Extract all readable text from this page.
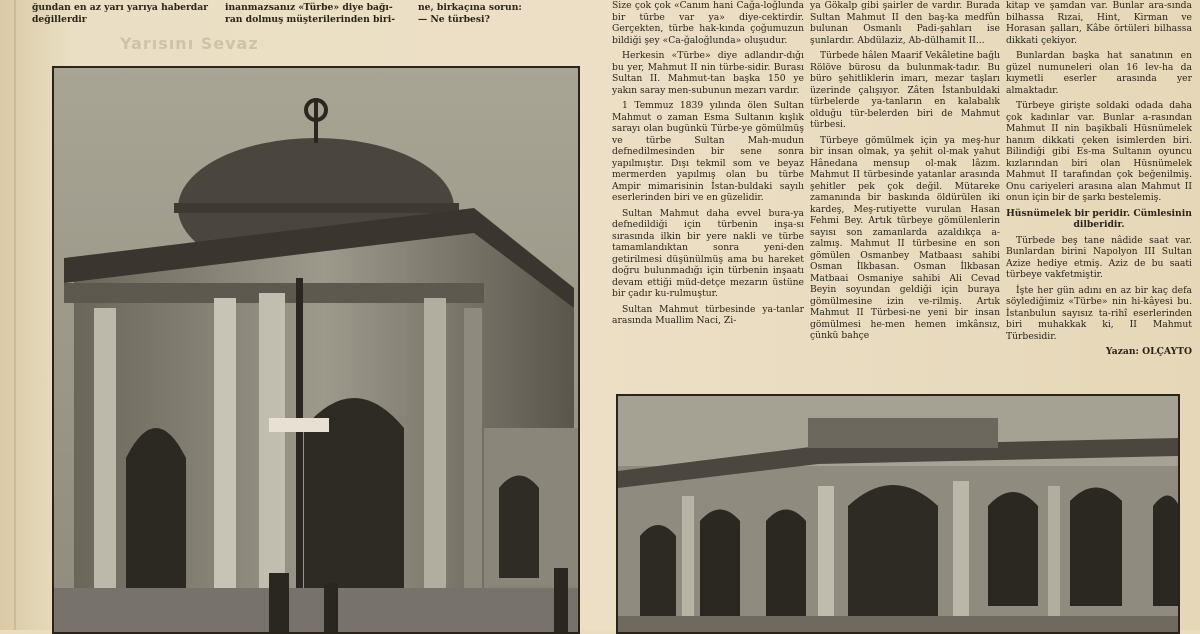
ğundan en az yarı yarıya haberdar
değillerdir
inanmazsanız «Türbe» diye bağı-
ran dolmuş müşterilerinden biri-
ne, birkaçına sorun:
— Ne türbesi?
Yarısını Sevaz

Size çok çok «Canım hani Cağa-loğlunda bir türbe var ya» diye-cektirdir. Gerçekten, türbe hak-kında çoğumuzun bildiği şey «Ca-ğaloğlunda» oluşudur.

Herkesin «Türbe» diye adlandır-dığı bu yer, Mahmut II nin türbe-sidir. Burası Sultan II. Mahmut-tan başka 150 ye yakın saray men-subunun mezarı vardır.

1 Temmuz 1839 yılında ölen Sultan Mahmut o zaman Esma Sultanın kışlık sarayı olan bugünkü Türbe-ye gömülmüş ve türbe Sultan Mah-mudun defnedilmesinden bir sene sonra yapılmıştır. Dışı tekmil som ve beyaz mermerden yapılmış olan bu türbe Ampir mimarisinin İstan-buldaki sayılı eserlerinden biri ve en güzelidir.

Sultan Mahmut daha evvel bura-ya defnedildiği için türbenin inşa-sı sırasında ilkin bir yere nakli ve türbe tamamlandıktan sonra yeni-den getirilmesi düşünülmüş ama bu hareket doğru bulunmadığı için türbenin inşaatı devam ettiği müd-detçe mezarın üstüne bir çadır ku-rulmuştur.

Sultan Mahmut türbesinde ya-tanlar arasında Muallim Naci, Zi-

ya Gökalp gibi şairler de vardır. Burada Sultan Mahmut II den baş-ka medfûn bulunan Osmanlı Padi-şahları ise şunlardır. Abdülaziz, Ab-dülhamit II...

Türbede hâlen Maarif Vekâletine bağlı Rölöve bürosu da bulunmak-tadır. Bu büro şehitliklerin imarı, mezar taşları üzerinde çalışıyor. Zâten İstanbuldaki türbelerde ya-tanların en kalabalık olduğu tür-belerden biri de Mahmut türbesi.

Türbeye gömülmek için ya meş-hur bir insan olmak, ya şehit ol-mak yahut Hânedana mensup ol-mak lâzım. Mahmut II türbesinde yatanlar arasında şehitler pek çok değil. Mütareke zamanında bir baskında öldürülen iki kardeş, Meş-rutiyette vurulan Hasan Fehmi Bey. Artık türbeye gömülenlerin sayısı son zamanlarda azaldıkça a-zalmış. Mahmut II türbesine en son gömülen Osmanbey Matbaası sahibi Osman İlkbasan. Osman İlkbasan Matbaai Osmaniye sahibi Ali Cevad Beyin soyundan geldiği için buraya gömülmesine izin ve-rilmiş. Artık Mahmut II Türbesi-ne yeni bir insan gömülmesi he-men hemen imkânsız, çünkü bahçe

kitap ve şamdan var. Bunlar ara-sında bilhassa Rızai, Hint, Kirman ve Horasan şalları, Kâbe örtüleri bilhassa dikkati çekiyor.

Bunlardan başka hat sanatının en güzel numuneleri olan 16 lev-ha da kıymetli eserler arasında yer almaktadır.

Türbeye girişte soldaki odada daha çok kadınlar var. Bunlar a-rasından Mahmut II nin başikbali Hüsnümelek hanım dikkati çeken isimlerden biri. Bilindiği gibi Es-ma Sultanın oyuncu kızlarından biri olan Hüsnümelek Mahmut II tarafından çok beğenilmiş. Onu cariyeleri arasına alan Mahmut II onun için bir de şarkı bestelemiş.

Hüsnümelek bir peridir. Cümlesinin dilberidir.

Türbede beş tane nâdide saat var. Bunlardan birini Napolyon III Sultan Azize hediye etmiş. Aziz de bu saati türbeye vakfetmiştir.

İşte her gün adını en az bir kaç defa söylediğimiz «Türbe» nin hi-kâyesi bu. İstanbulun sayısız ta-rihî eserlerinden biri muhakkak ki, II Mahmut Türbesidir.

Yazan: OLÇAYTO
